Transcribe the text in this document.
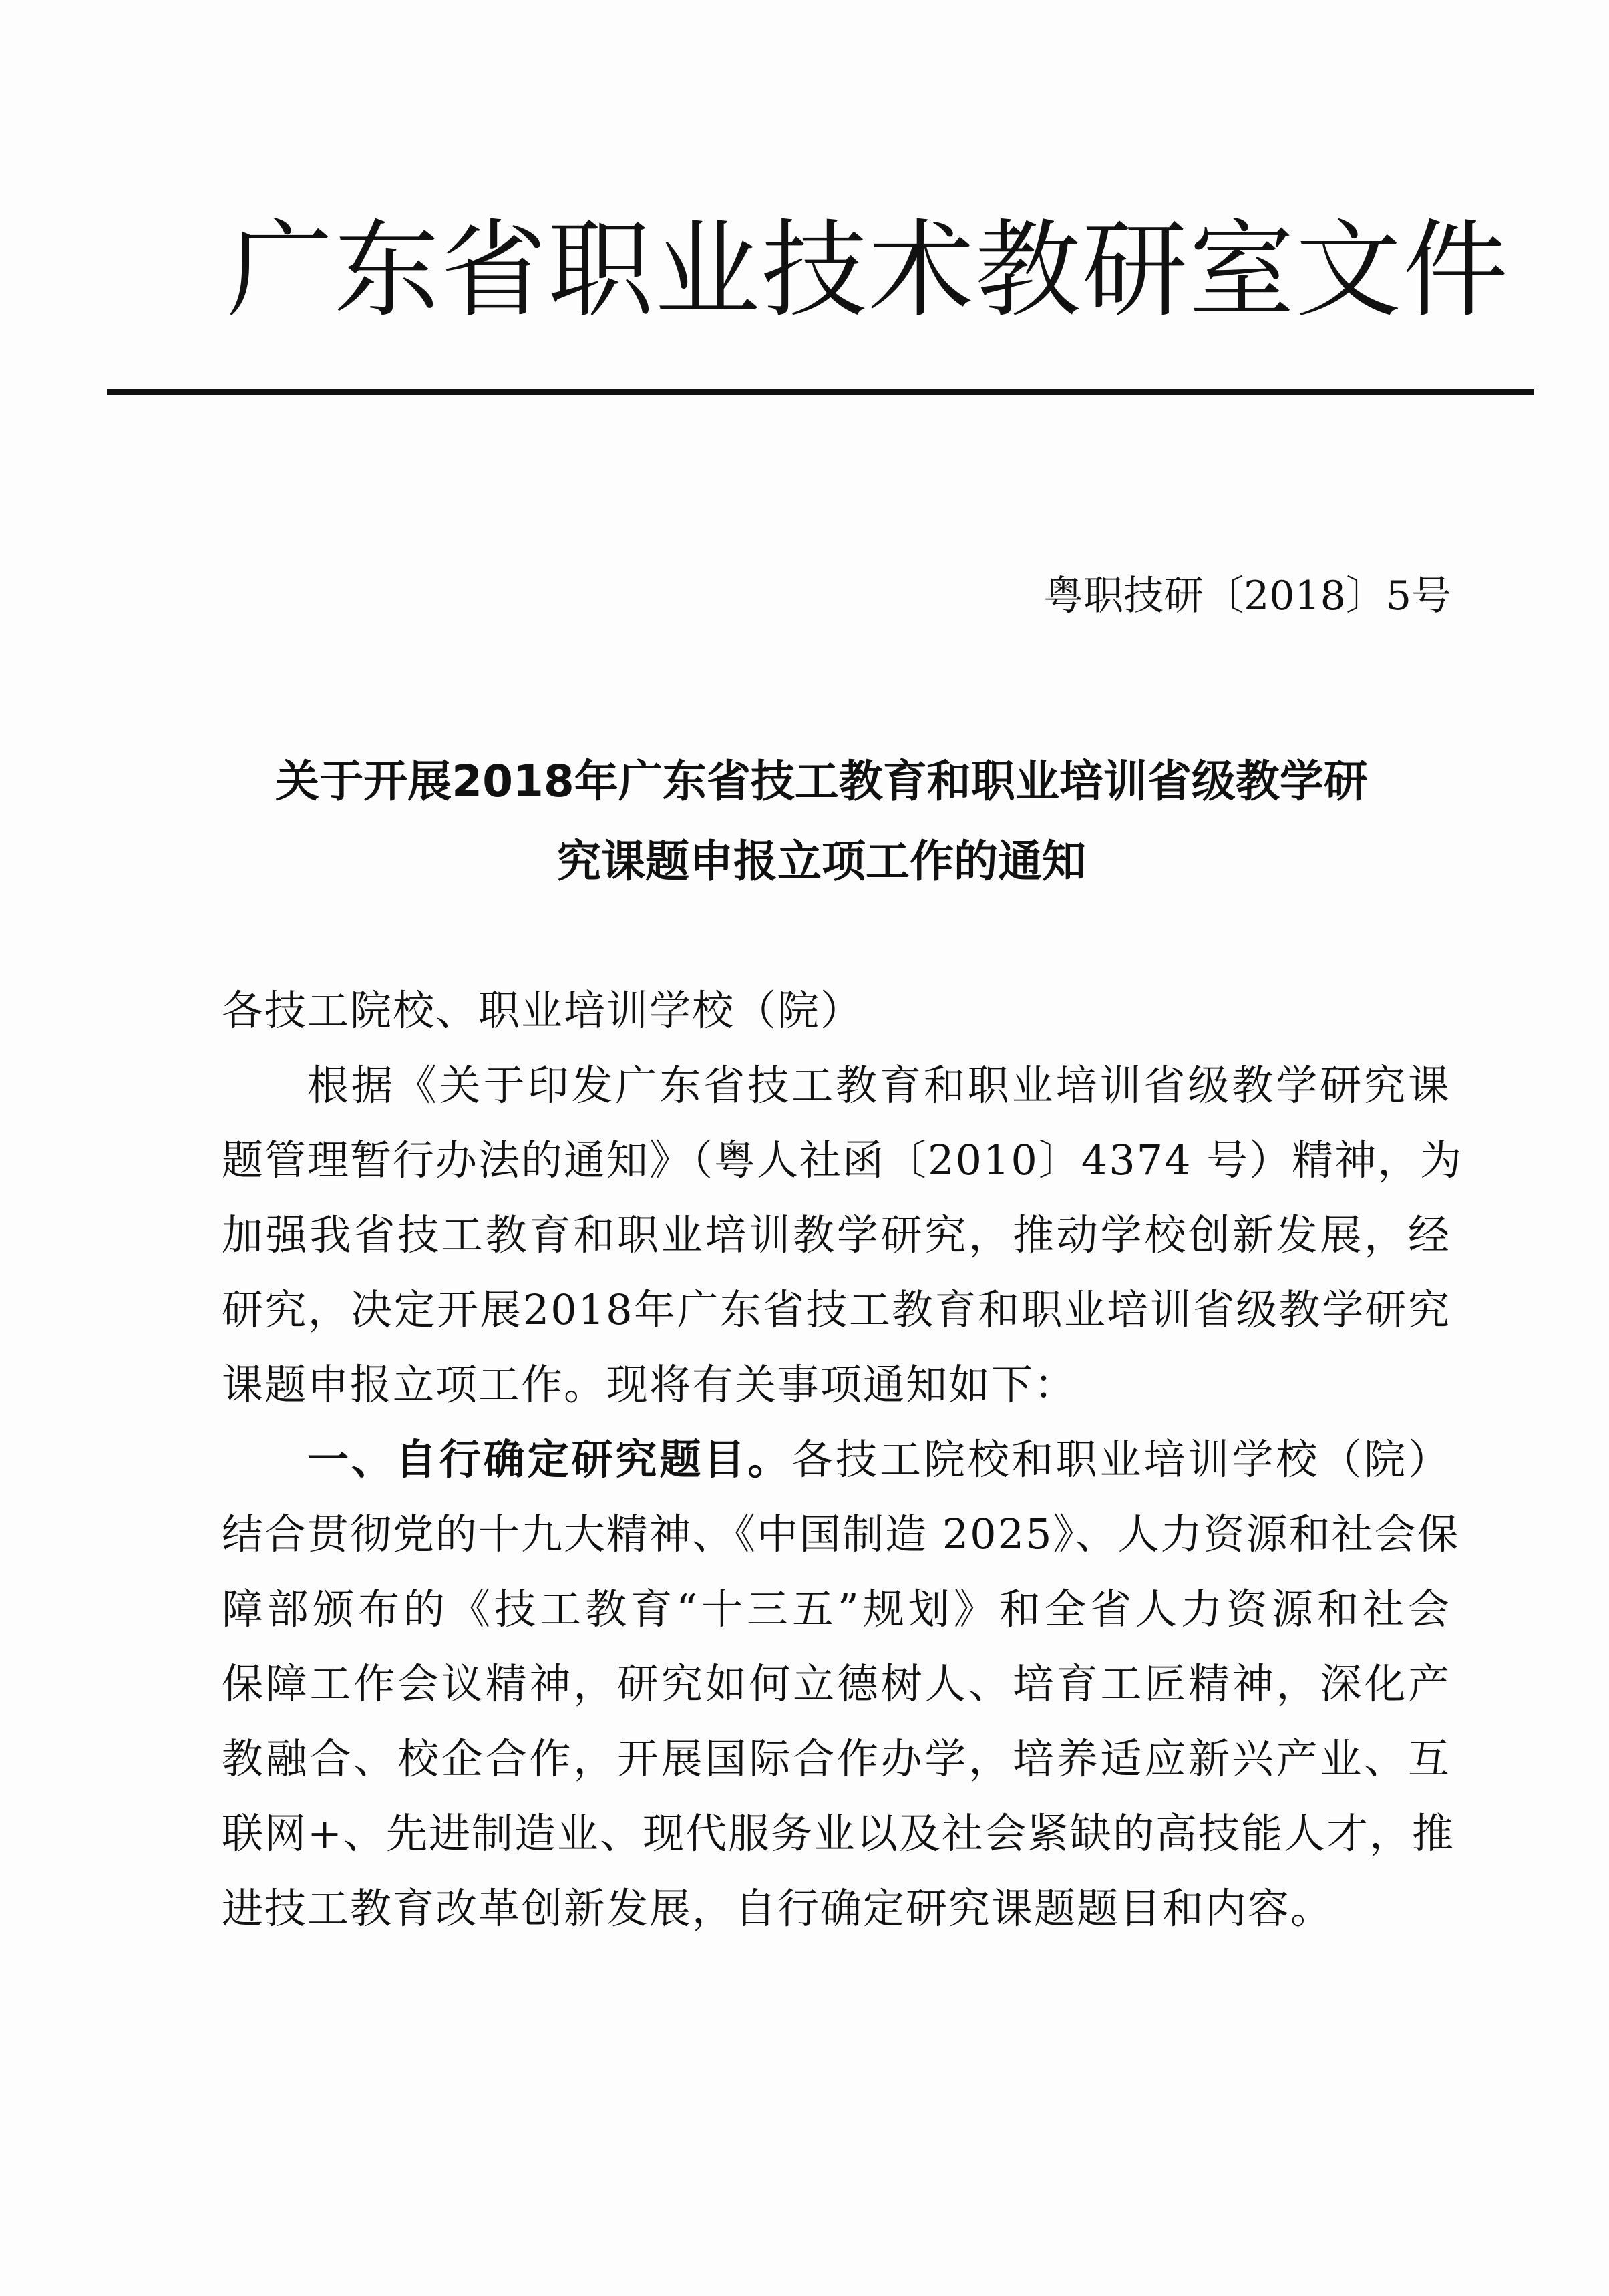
广东省职业技术教研室文件
粤职技研〔2018〕5号
关于开展2018年广东省技工教育和职业培训省级教学研
究课题申报立项工作的通知
各技工院校、职业培训学校（院）
根据《关于印发广东省技工教育和职业培训省级教学研究课
题管理暂行办法的通知》（粤人社函〔2010〕4374 号）精神，为
加强我省技工教育和职业培训教学研究，推动学校创新发展，经
研究，决定开展2018年广东省技工教育和职业培训省级教学研究
课题申报立项工作。现将有关事项通知如下：
一、自行确定研究题目。各技工院校和职业培训学校（院）
结合贯彻党的十九大精神、《中国制造 2025》、人力资源和社会保
障部颁布的《技工教育“十三五”规划》和全省人力资源和社会
保障工作会议精神，研究如何立德树人、培育工匠精神，深化产
教融合、校企合作，开展国际合作办学，培养适应新兴产业、互
联网+、先进制造业、现代服务业以及社会紧缺的高技能人才，推
进技工教育改革创新发展，自行确定研究课题题目和内容。
